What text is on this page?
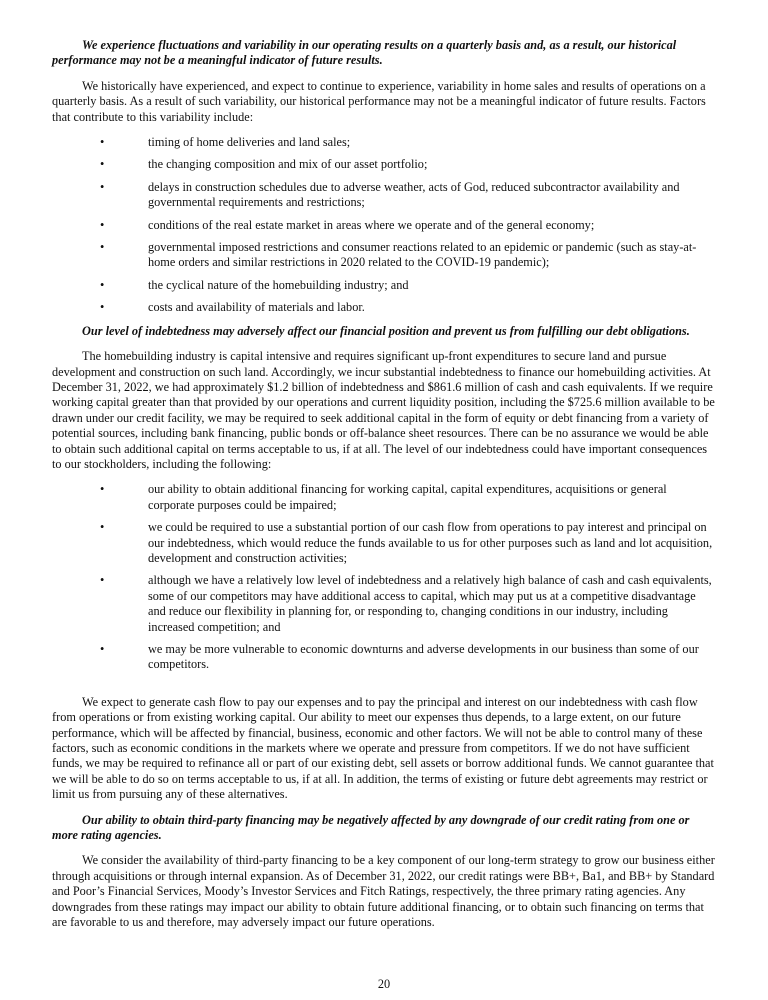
We experience fluctuations and variability in our operating results on a quarterly basis and, as a result, our historical performance may not be a meaningful indicator of future results.

We historically have experienced, and expect to continue to experience, variability in home sales and results of operations on a quarterly basis. As a result of such variability, our historical performance may not be a meaningful indicator of future results. Factors that contribute to this variability include:

•	timing of home deliveries and land sales;
•	the changing composition and mix of our asset portfolio;
•	delays in construction schedules due to adverse weather, acts of God, reduced subcontractor availability and governmental requirements and restrictions;
•	conditions of the real estate market in areas where we operate and of the general economy;
•	governmental imposed restrictions and consumer reactions related to an epidemic or pandemic (such as stay-at-home orders and similar restrictions in 2020 related to the COVID-19 pandemic);
•	the cyclical nature of the homebuilding industry; and
•	costs and availability of materials and labor.

Our level of indebtedness may adversely affect our financial position and prevent us from fulfilling our debt obligations.

The homebuilding industry is capital intensive and requires significant up-front expenditures to secure land and pursue development and construction on such land. Accordingly, we incur substantial indebtedness to finance our homebuilding activities. At December 31, 2022, we had approximately $1.2 billion of indebtedness and $861.6 million of cash and cash equivalents. If we require working capital greater than that provided by our operations and current liquidity position, including the $725.6 million available to be drawn under our credit facility, we may be required to seek additional capital in the form of equity or debt financing from a variety of potential sources, including bank financing, public bonds or off-balance sheet resources. There can be no assurance we would be able to obtain such additional capital on terms acceptable to us, if at all. The level of our indebtedness could have important consequences to our stockholders, including the following:

•	our ability to obtain additional financing for working capital, capital expenditures, acquisitions or general corporate purposes could be impaired;
•	we could be required to use a substantial portion of our cash flow from operations to pay interest and principal on our indebtedness, which would reduce the funds available to us for other purposes such as land and lot acquisition, development and construction activities;
•	although we have a relatively low level of indebtedness and a relatively high balance of cash and cash equivalents, some of our competitors may have additional access to capital, which may put us at a competitive disadvantage and reduce our flexibility in planning for, or responding to, changing conditions in our industry, including increased competition; and
•	we may be more vulnerable to economic downturns and adverse developments in our business than some of our competitors.

We expect to generate cash flow to pay our expenses and to pay the principal and interest on our indebtedness with cash flow from operations or from existing working capital. Our ability to meet our expenses thus depends, to a large extent, on our future performance, which will be affected by financial, business, economic and other factors. We will not be able to control many of these factors, such as economic conditions in the markets where we operate and pressure from competitors. If we do not have sufficient funds, we may be required to refinance all or part of our existing debt, sell assets or borrow additional funds. We cannot guarantee that we will be able to do so on terms acceptable to us, if at all. In addition, the terms of existing or future debt agreements may restrict or limit us from pursuing any of these alternatives.

Our ability to obtain third-party financing may be negatively affected by any downgrade of our credit rating from one or more rating agencies.

We consider the availability of third-party financing to be a key component of our long-term strategy to grow our business either through acquisitions or through internal expansion. As of December 31, 2022, our credit ratings were BB+, Ba1, and BB+ by Standard and Poor’s Financial Services, Moody’s Investor Services and Fitch Ratings, respectively, the three primary rating agencies. Any downgrades from these ratings may impact our ability to obtain future additional financing, or to obtain such financing on terms that are favorable to us and therefore, may adversely impact our future operations.

20
